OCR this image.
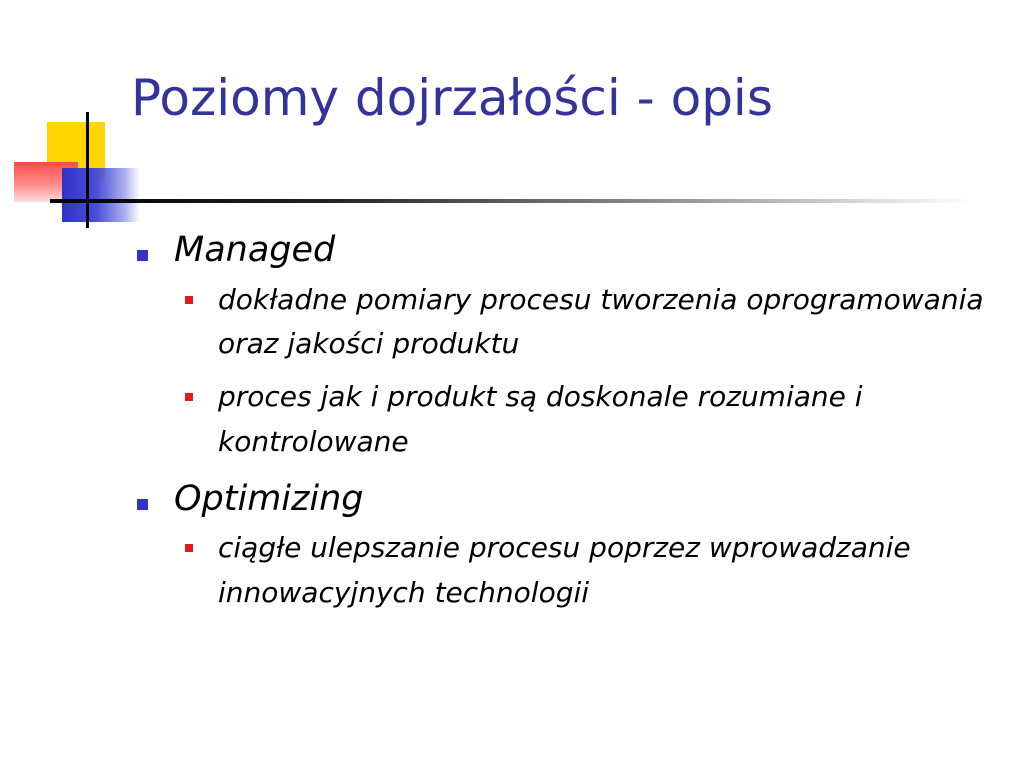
Poziomy dojrzałości - opis
Managed
dokładne pomiary procesu tworzenia oprogramowania oraz jakości produktu
proces jak i produkt są doskonale rozumiane i kontrolowane
Optimizing
ciągłe ulepszanie procesu poprzez wprowadzanie innowacyjnych technologii
